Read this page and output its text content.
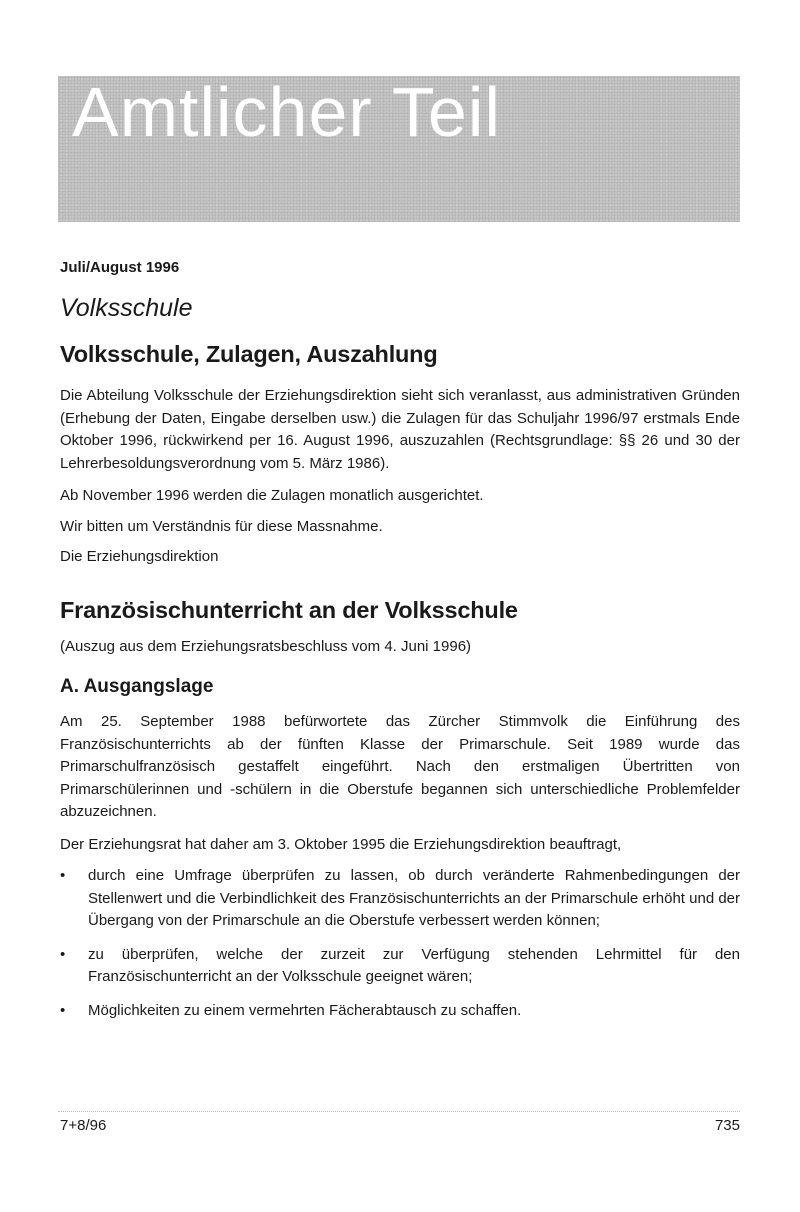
Amtlicher Teil

Juli/August 1996

Volksschule
Volksschule, Zulagen, Auszahlung

Die Abteilung Volksschule der Erziehungsdirektion sieht sich veranlasst, aus administrativen Gründen (Erhebung der Daten, Eingabe derselben usw.) die Zulagen für das Schuljahr 1996/97 erstmals Ende Oktober 1996, rückwirkend per 16. August 1996, auszuzahlen (Rechtsgrundlage: §§ 26 und 30 der Lehrerbesoldungsverordnung vom 5. März 1986).

Ab November 1996 werden die Zulagen monatlich ausgerichtet.

Wir bitten um Verständnis für diese Massnahme.

Die Erziehungsdirektion

Französischunterricht an der Volksschule

(Auszug aus dem Erziehungsratsbeschluss vom 4. Juni 1996)

A. Ausgangslage

Am 25. September 1988 befürwortete das Zürcher Stimmvolk die Einführung des Französischunterrichts ab der fünften Klasse der Primarschule. Seit 1989 wurde das Primarschulfranzösisch gestaffelt eingeführt. Nach den erstmaligen Übertritten von Primarschülerinnen und -schülern in die Oberstufe begannen sich unterschiedliche Problemfelder abzuzeichnen.

Der Erziehungsrat hat daher am 3. Oktober 1995 die Erziehungsdirektion beauftragt,

• durch eine Umfrage überprüfen zu lassen, ob durch veränderte Rahmenbedingungen der Stellenwert und die Verbindlichkeit des Französischunterrichts an der Primarschule erhöht und der Übergang von der Primarschule an die Oberstufe verbessert werden können;
• zu überprüfen, welche der zurzeit zur Verfügung stehenden Lehrmittel für den Französischunterricht an der Volksschule geeignet wären;
• Möglichkeiten zu einem vermehrten Fächerabtausch zu schaffen.

7+8/96	735
